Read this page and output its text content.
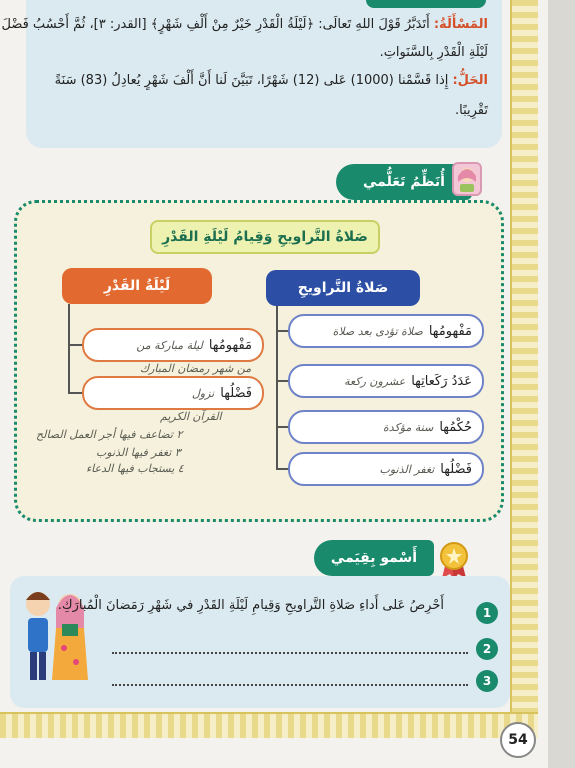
المَسْأَلَةُ: أَتَدَبَّرُ قَوْلَ اللهِ تَعالَى: ﴿لَيْلَةُ الْقَدْرِ خَيْرٌ مِنْ أَلْفِ شَهْرٍ﴾ [القدر: ٣]، ثُمَّ أَحْسُبُ فَضْلَ
لَيْلَةِ الْقَدْرِ بِالسَّنَواتِ.
الحَلُّ: إِذا قَسَّمْنا (1000) عَلى (12) شَهْرًا، تَبَيَّنَ لَنا أَنَّ أَلْفَ شَهْرٍ يُعادِلُ (83) سَنَةً
تَقْرِيبًا.
أُنَظِّمُ تَعَلُّمي
صَلاةُ التَّراويحِ وَقِيامُ لَيْلَةِ القَدْرِ
صَلاةُ التَّراويحِ
لَيْلَةُ القَدْرِ
مَفْهومُها
صلاة تؤدى بعد صلاة
عَدَدُ رَكَعاتِها
عشرون ركعة
حُكْمُها
سنة مؤكدة
فَضْلُها
تغفر الذنوب
مَفْهومُها
ليلة مباركة من
فَضْلُها
نزول
من شهر رمضان المبارك
القرآن الكريم
٢ تضاعف فيها أجر العمل الصالح
٣ تغفر فيها الذنوب
٤ يستجاب فيها الدعاء
أَسْمو بِقِيَمي
1
أَحْرِصُ عَلى أَداءِ صَلاةِ التَّراويحِ وَقِيامِ لَيْلَةِ القَدْرِ في شَهْرِ رَمَضانَ الْمُبارَكِ.
2
3
54
